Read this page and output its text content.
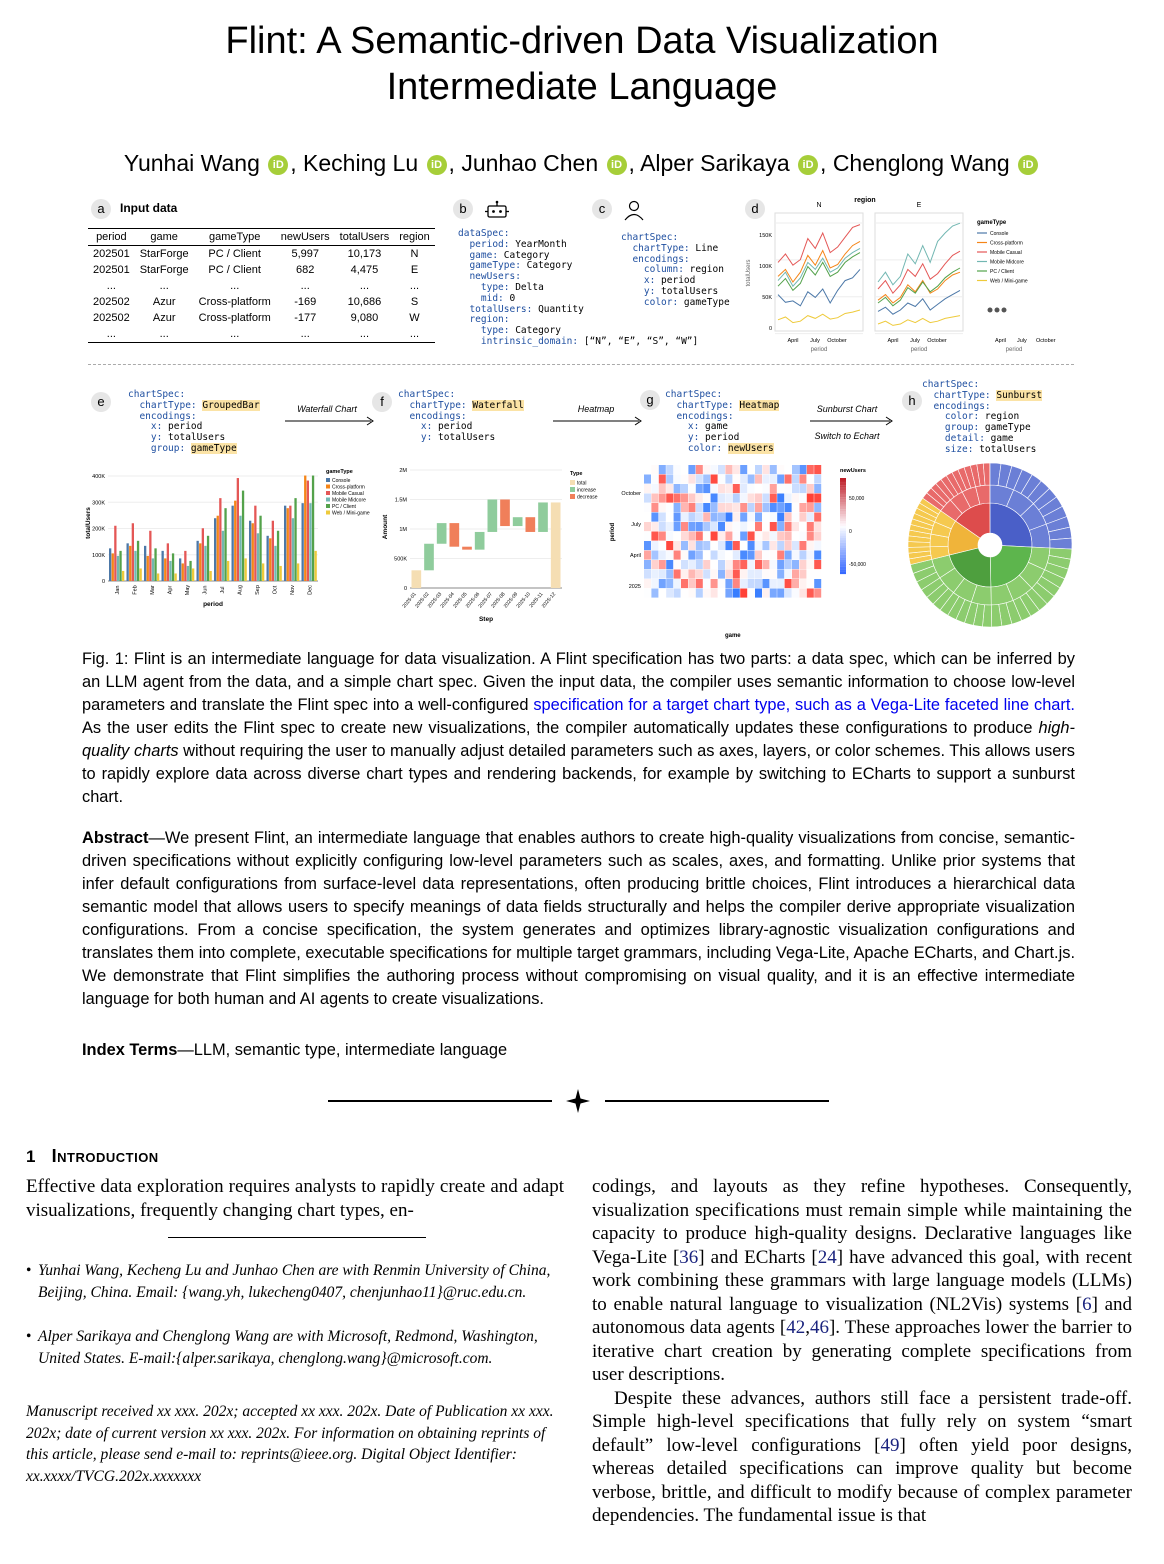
Flint: A Semantic-driven Data Visualization
Intermediate Language
Yunhai Wang iD , Keching Lu iD , Junhao Chen iD , Alper Sarikaya iD , Chenglong Wang iD
a	Input data
period	game	gameType	newUsers	totalUsers	region
202501	StarForge	PC / Client	5,997	10,173	N
202501	StarForge	PC / Client	682	4,475	E
...	...	...	...	...	...
202502	Azur	Cross-platform	-169	10,686	S
202502	Azur	Cross-platform	-177	9,080	W
...	...	...	...	...	...
b
dataSpec:
period: YearMonth
game: Category
gameType: Category
newUsers:
type: Delta
mid: 0
totalUsers: Quantity
region:
type: Category
intrinsic_domain: [“N”, “E”, “S”, “W”]
c
chartSpec:
chartType: Line
encodings:
column: region
x: period
y: totalUsers
color: gameType
d
region
N
April July October
period
E
April July October
period
150K
100K
50K
0
totalUsers
April July October
period
gameType
Console
Cross-platform
Mobile Casual
Mobile Midcore
PC / Client
Web / Mini-game
e	chartSpec:
chartType: GroupedBar
encodings:
x: period
y: totalUsers
group: gameType
Waterfall Chart
400K
300K
200K
100K
0
Jan Feb Mar Apr May Jun Jul Aug Sep Oct Nov Dec
period
totalUsers
gameType
Console
Cross-platform
Mobile Casual
Mobile Midcore
PC / Client
Web / Mini-game
f	chartSpec:
chartType: Waterfall
encodings:
x: period
y: totalUsers
Heatmap
2M
1.5M
1M
500K
0
2025-01
2025-02
2025-03
2025-04
2025-05
2025-06
2025-07
2025-08
2025-09
2025-10
2025-11
2025-12
Step
Amount
Type
total
increase
decrease
g	chartSpec:
chartType: Heatmap
encodings:
x: game
y: period
color: newUsers
Sunburst Chart
Switch to Echart
October
July
April
2025
period
game
newUsers
50,000
0
-50,000
h
chartSpec:
chartType: Sunburst
encodings:
color: region
group: gameType
detail: game
size: totalUsers
Fig. 1: Flint is an intermediate language for data visualization. A Flint specification has two parts: a data spec, which can be inferred by an LLM agent from the data, and a simple chart spec. Given the input data, the compiler uses semantic information to choose low-level parameters and translate the Flint spec into a well-configured specification for a target chart type, such as a Vega-Lite faceted line chart. As the user edits the Flint spec to create new visualizations, the compiler automatically updates these configurations to produce high-quality charts without requiring the user to manually adjust detailed parameters such as axes, layers, or color schemes. This allows users to rapidly explore data across diverse chart types and rendering backends, for example by switching to ECharts to support a sunburst chart.
Abstract—We present Flint, an intermediate language that enables authors to create high-quality visualizations from concise, semantic-driven specifications without explicitly configuring low-level parameters such as scales, axes, and formatting. Unlike prior systems that infer default configurations from surface-level data representations, often producing brittle choices, Flint introduces a hierarchical data semantic model that allows users to specify meanings of data fields structurally and helps the compiler derive appropriate visualization configurations. From a concise specification, the system generates and optimizes library-agnostic visualization configurations and translates them into complete, executable specifications for multiple target grammars, including Vega-Lite, Apache ECharts, and Chart.js. We demonstrate that Flint simplifies the authoring process without compromising on visual quality, and it is an effective intermediate language for both human and AI agents to create visualizations.
Index Terms—LLM, semantic type, intermediate language
1 Introduction
Effective data exploration requires analysts to rapidly create and adapt visualizations, frequently changing chart types, en-
• Yunhai Wang, Kecheng Lu and Junhao Chen are with Renmin University of China, Beijing, China. Email: {wang.yh, lukecheng0407, chenjunhao11}@ruc.edu.cn.
• Alper Sarikaya and Chenglong Wang are with Microsoft, Redmond, Washington, United States. E-mail:{alper.sarikaya, chenglong.wang}@microsoft.com.
Manuscript received xx xxx. 202x; accepted xx xxx. 202x. Date of Publication xx xxx. 202x; date of current version xx xxx. 202x. For information on obtaining reprints of this article, please send e-mail to: reprints@ieee.org. Digital Object Identifier: xx.xxxx/TVCG.202x.xxxxxxx
codings, and layouts as they refine hypotheses. Consequently, visualization specifications must remain simple while maintaining the capacity to produce high-quality designs. Declarative languages like Vega-Lite [36] and ECharts [24] have advanced this goal, with recent work combining these grammars with large language models (LLMs) to enable natural language to visualization (NL2Vis) systems [6] and autonomous data agents [42,46]. These approaches lower the barrier to iterative chart creation by generating complete specifications from user descriptions.
Despite these advances, authors still face a persistent trade-off. Simple high-level specifications that fully rely on system “smart default” low-level configurations [49] often yield poor designs, whereas detailed specifications can improve quality but become verbose, brittle, and difficult to modify because of complex parameter dependencies. The fundamental issue is that
